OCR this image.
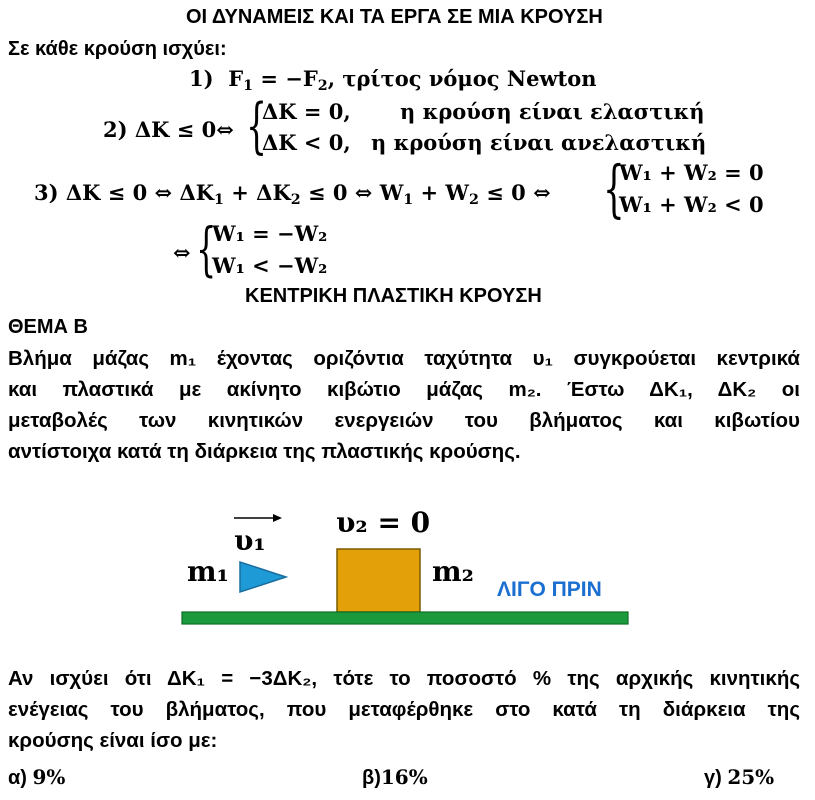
ΟΙ ΔΥΝΑΜΕΙΣ ΚΑΙ ΤΑ ΕΡΓΑ ΣΕ ΜΙΑ ΚΡΟΥΣΗ
Σε κάθε κρούση ισχύει:
1) $F_1 = -F_2$, τρίτος νόμος Newton
2) ΔK ≤ 0⇔ {
ΔK = 0, η κρούση είναι ελαστική
ΔK < 0, η κρούση είναι ανελαστική
3) ΔK ≤ 0 ⇔ $\Delta K_1 + \Delta K_2 \le 0$ ⇔ $W_1 + W_2 \le 0$ ⇔ {
W₁ + W₂ = 0
W₁ + W₂ < 0
⇔ {
W₁ = −W₂
W₁ < −W₂
ΚΕΝΤΡΙΚΗ ΠΛΑΣΤΙΚΗ ΚΡΟΥΣΗ
ΘΕΜΑ Β
Βλήμα μάζας m₁ έχοντας οριζόντια ταχύτητα υ₁ συγκρούεται κεντρικά
και πλαστικά με ακίνητο κιβώτιο μάζας m₂. Έστω ΔΚ₁, ΔΚ₂ οι
μεταβολές των κινητικών ενεργειών του βλήματος και κιβωτίου
αντίστοιχα κατά τη διάρκεια της πλαστικής κρούσης.
υ₁
m₁
υ₂ = 0
m₂
ΛΙΓΟ ΠΡΙΝ
Αν ισχύει ότι ΔΚ₁ = −3ΔΚ₂, τότε το ποσοστό % της αρχικής κινητικής
ενέγειας του βλήματος, που μεταφέρθηκε στο κατά τη διάρκεια της
κρούσης είναι ίσο με:
α) 9%	β)16%	γ) 25%
